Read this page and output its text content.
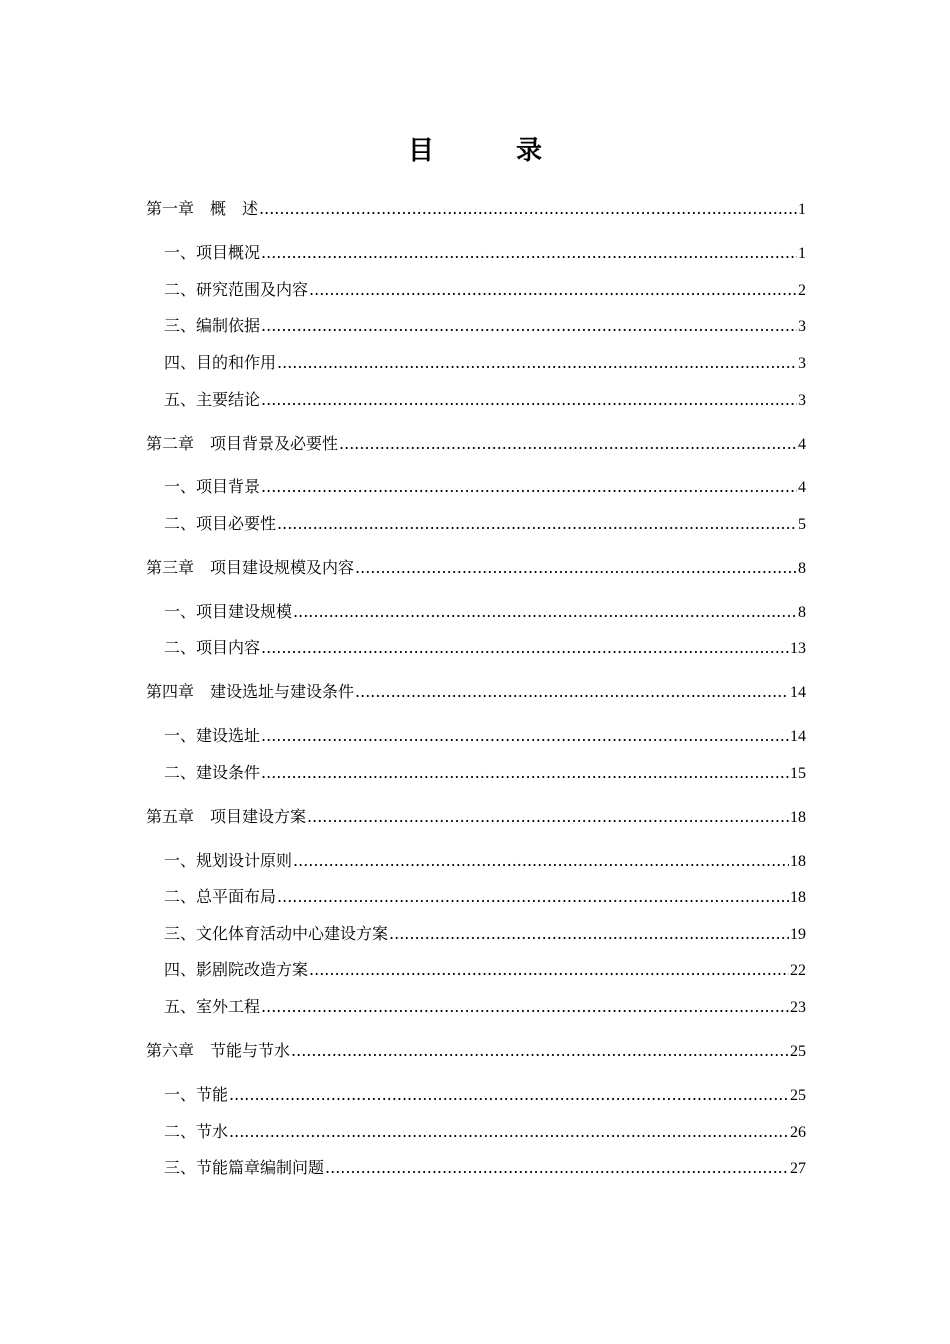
目　录
第一章　概　述 .....	1
一、项目概况 .....	1
二、研究范围及内容 .....	2
三、编制依据 .....	3
四、目的和作用 .....	3
五、主要结论 .....	3
第二章　项目背景及必要性 .....	4
一、项目背景 .....	4
二、项目必要性 .....	5
第三章　项目建设规模及内容 .....	8
一、项目建设规模 .....	8
二、项目内容 .....	13
第四章　建设选址与建设条件 .....	14
一、建设选址 .....	14
二、建设条件 .....	15
第五章　项目建设方案 .....	18
一、规划设计原则 .....	18
二、总平面布局 .....	18
三、文化体育活动中心建设方案 .....	19
四、影剧院改造方案 .....	22
五、室外工程 .....	23
第六章　节能与节水 .....	25
一、节能 .....	25
二、节水 .....	26
三、节能篇章编制问题 .....	27
